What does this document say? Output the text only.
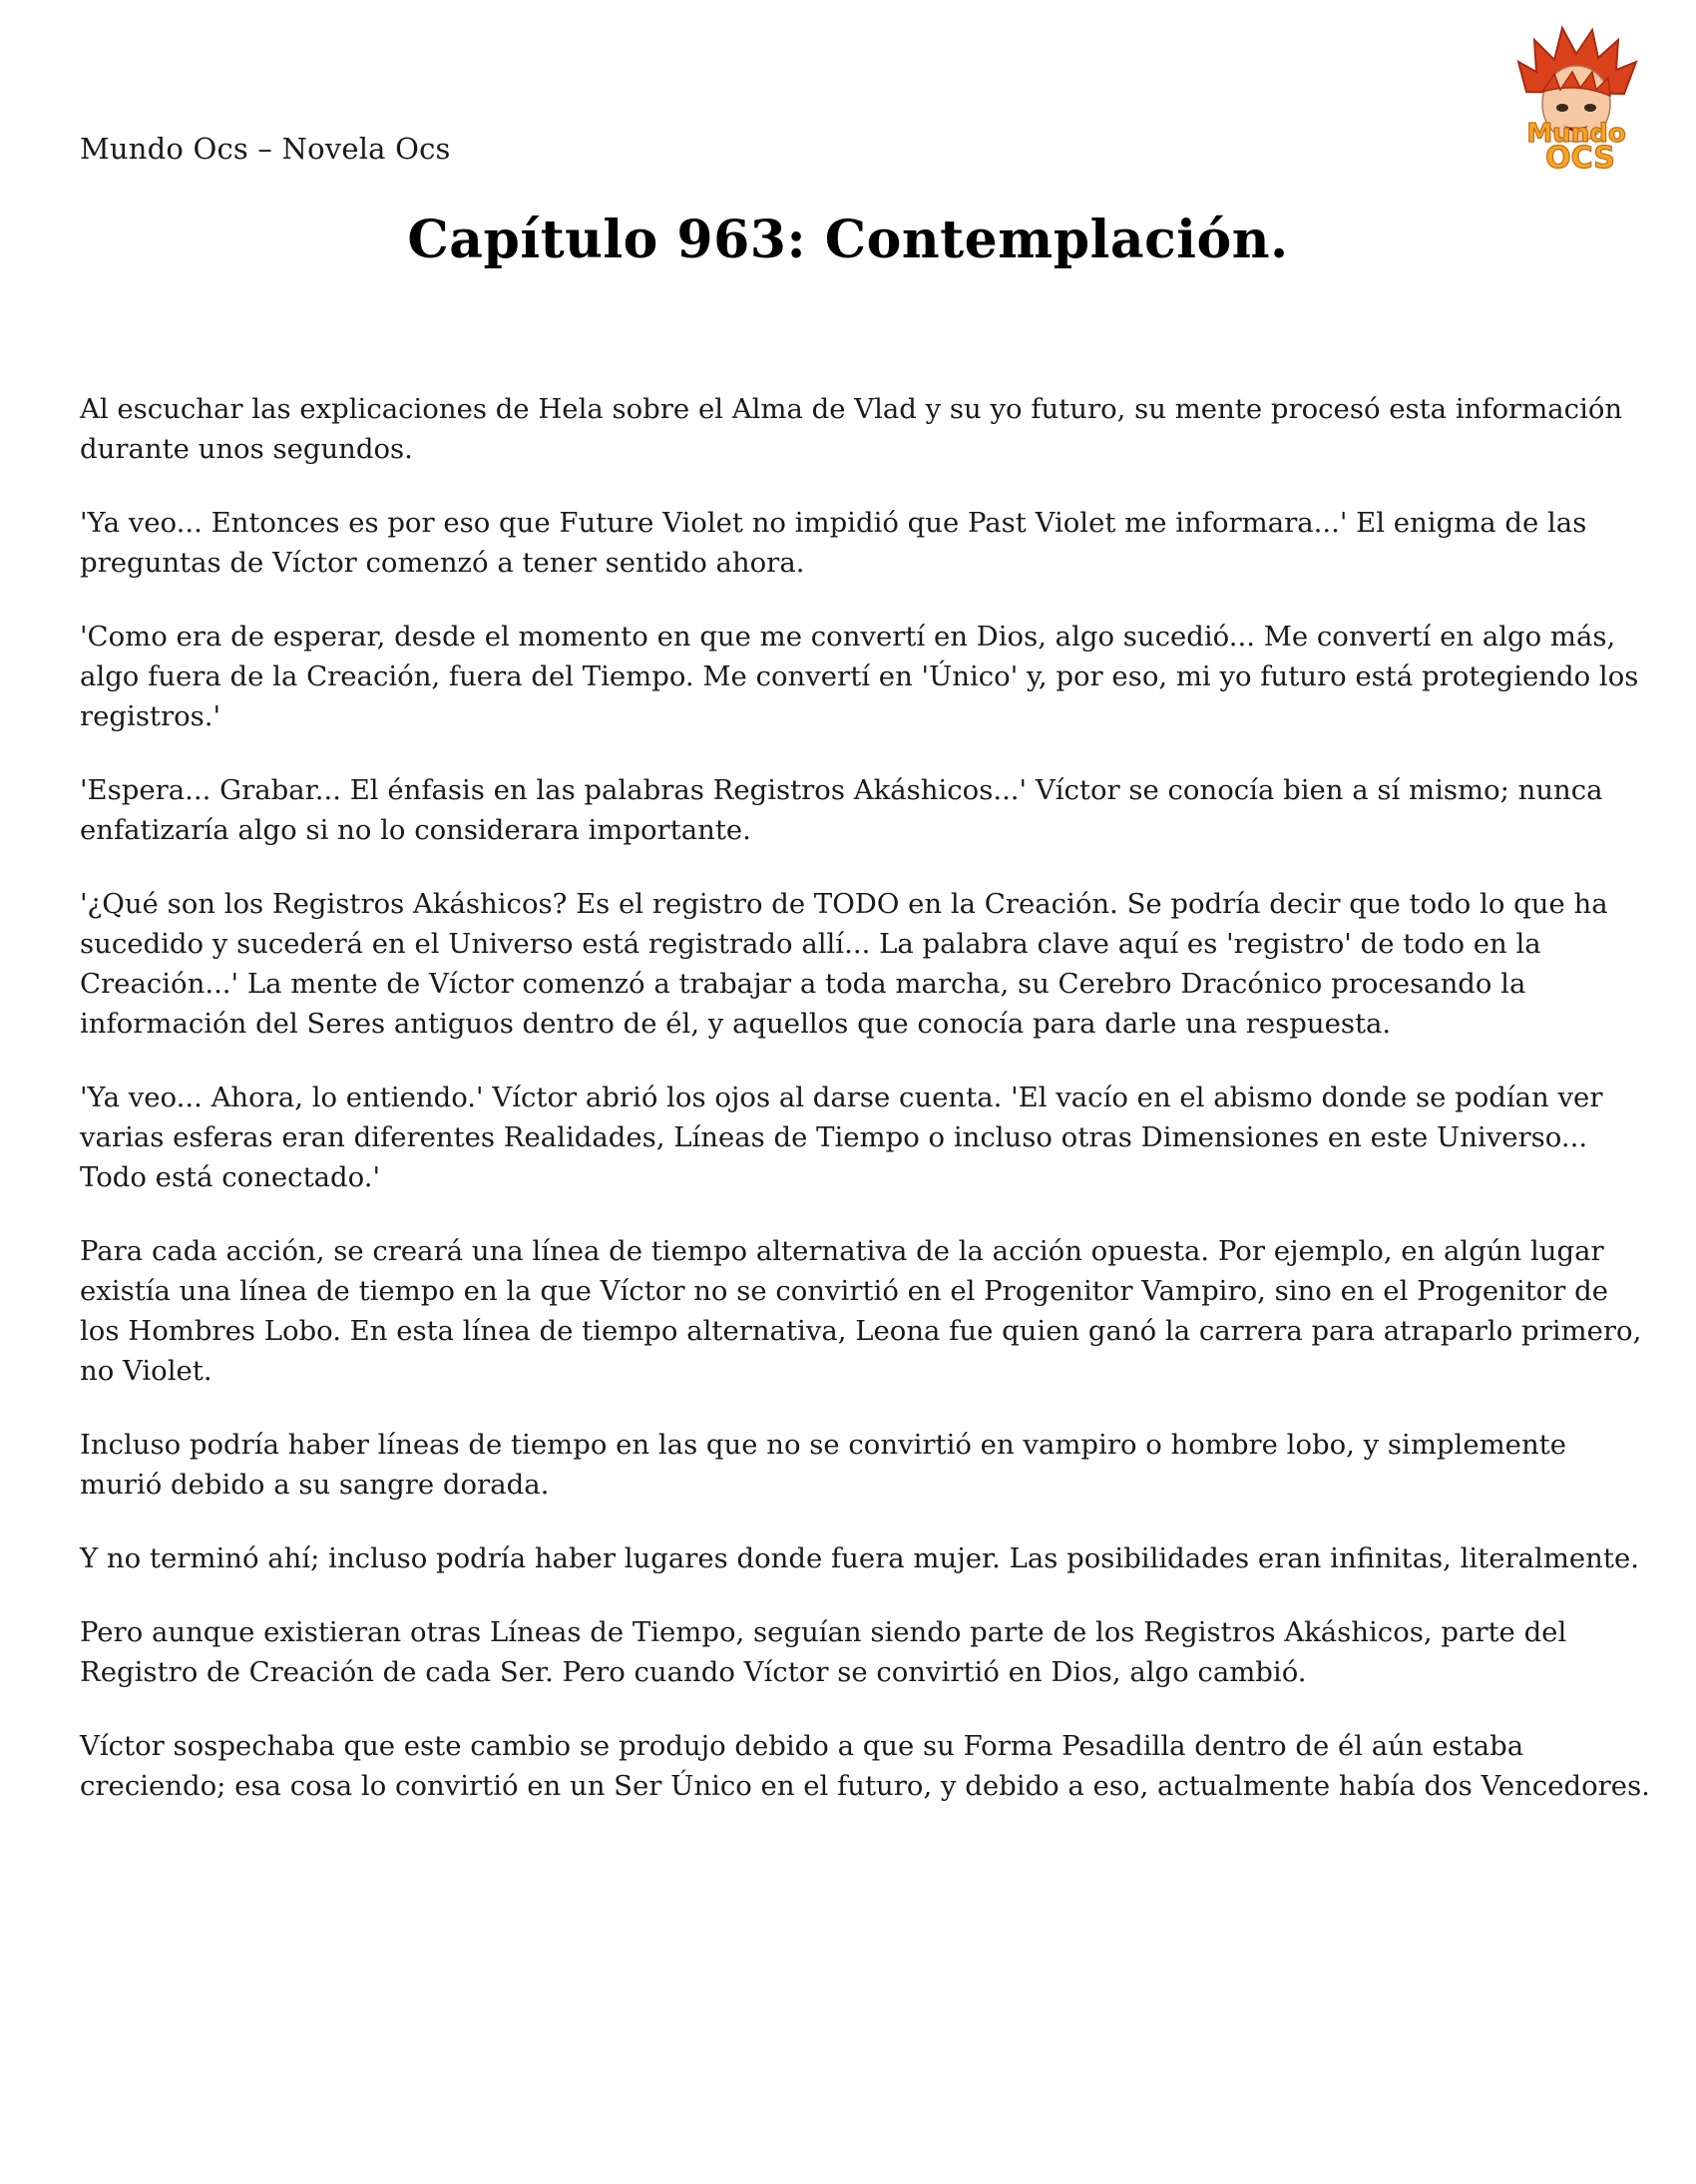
Mundo Ocs – Novela Ocs	Mundo
OCS
Capítulo 963: Contemplación.

Al escuchar las explicaciones de Hela sobre el Alma de Vlad y su yo futuro, su mente procesó esta información durante unos segundos.

'Ya veo... Entonces es por eso que Future Violet no impidió que Past Violet me informara...' El enigma de las preguntas de Víctor comenzó a tener sentido ahora.

'Como era de esperar, desde el momento en que me convertí en Dios, algo sucedió... Me convertí en algo más, algo fuera de la Creación, fuera del Tiempo. Me convertí en 'Único' y, por eso, mi yo futuro está protegiendo los registros.'

'Espera... Grabar... El énfasis en las palabras Registros Akáshicos...' Víctor se conocía bien a sí mismo; nunca enfatizaría algo si no lo considerara importante.

'¿Qué son los Registros Akáshicos? Es el registro de TODO en la Creación. Se podría decir que todo lo que ha sucedido y sucederá en el Universo está registrado allí... La palabra clave aquí es 'registro' de todo en la Creación...' La mente de Víctor comenzó a trabajar a toda marcha, su Cerebro Dracónico procesando la información del Seres antiguos dentro de él, y aquellos que conocía para darle una respuesta.

'Ya veo... Ahora, lo entiendo.' Víctor abrió los ojos al darse cuenta. 'El vacío en el abismo donde se podían ver varias esferas eran diferentes Realidades, Líneas de Tiempo o incluso otras Dimensiones en este Universo... Todo está conectado.'

Para cada acción, se creará una línea de tiempo alternativa de la acción opuesta. Por ejemplo, en algún lugar existía una línea de tiempo en la que Víctor no se convirtió en el Progenitor Vampiro, sino en el Progenitor de los Hombres Lobo. En esta línea de tiempo alternativa, Leona fue quien ganó la carrera para atraparlo primero, no Violet.

Incluso podría haber líneas de tiempo en las que no se convirtió en vampiro o hombre lobo, y simplemente murió debido a su sangre dorada.

Y no terminó ahí; incluso podría haber lugares donde fuera mujer. Las posibilidades eran infinitas, literalmente.

Pero aunque existieran otras Líneas de Tiempo, seguían siendo parte de los Registros Akáshicos, parte del Registro de Creación de cada Ser. Pero cuando Víctor se convirtió en Dios, algo cambió.

Víctor sospechaba que este cambio se produjo debido a que su Forma Pesadilla dentro de él aún estaba creciendo; esa cosa lo convirtió en un Ser Único en el futuro, y debido a eso, actualmente había dos Vencedores.
